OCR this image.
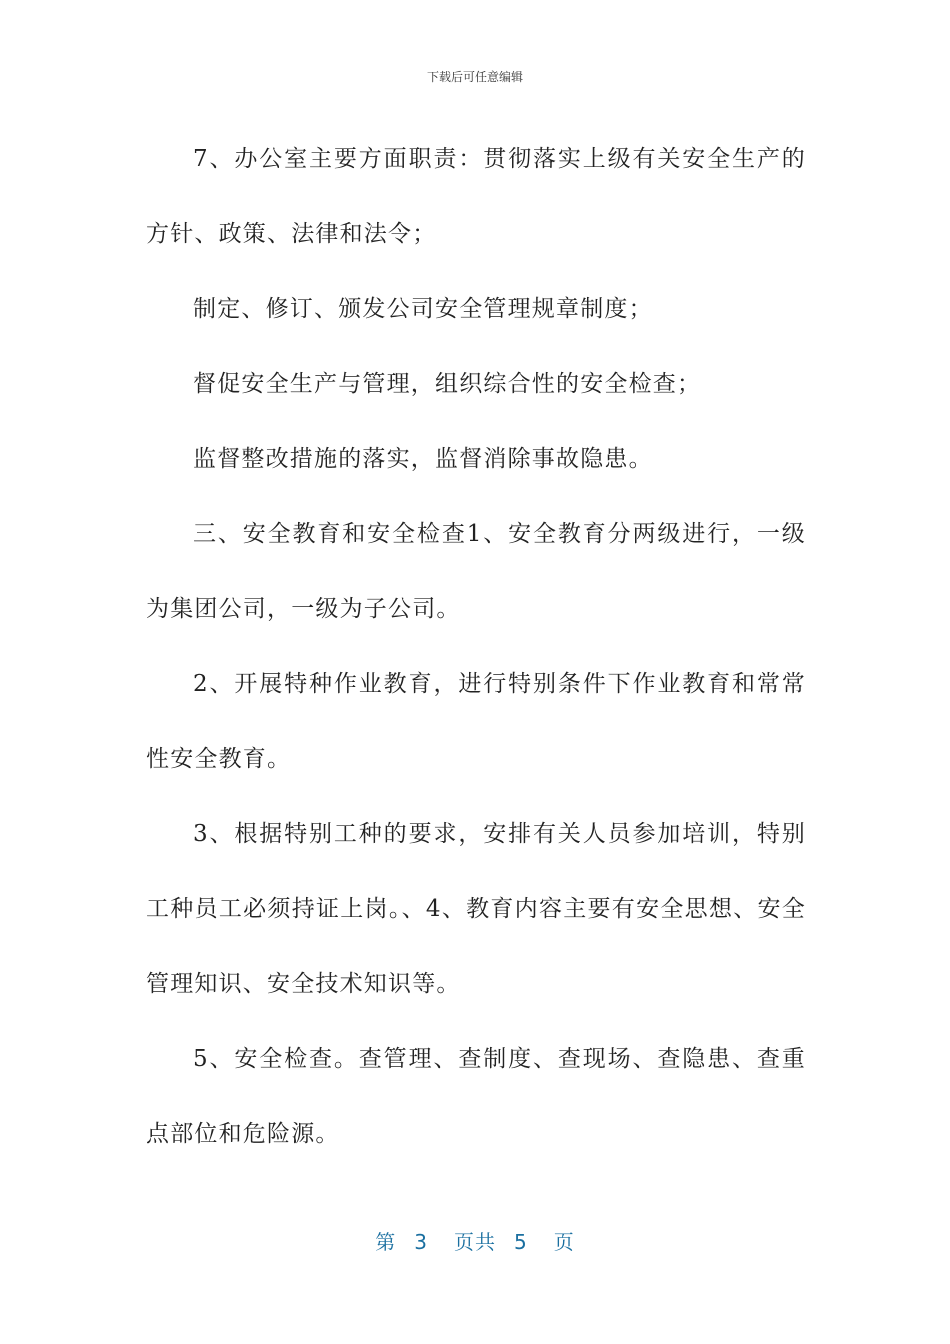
下载后可任意编辑

7、办公室主要方面职责：贯彻落实上级有关安全生产的方针、政策、法律和法令；

制定、修订、颁发公司安全管理规章制度；

督促安全生产与管理，组织综合性的安全检查；

监督整改措施的落实，监督消除事故隐患。

三、安全教育和安全检查1、安全教育分两级进行，一级为集团公司，一级为子公司。

2、开展特种作业教育，进行特别条件下作业教育和常常性安全教育。

3、根据特别工种的要求，安排有关人员参加培训，特别工种员工必须持证上岗。、4、教育内容主要有安全思想、安全管理知识、安全技术知识等。

5、安全检查。查管理、查制度、查现场、查隐患、查重点部位和危险源。

第 3 页共 5 页
